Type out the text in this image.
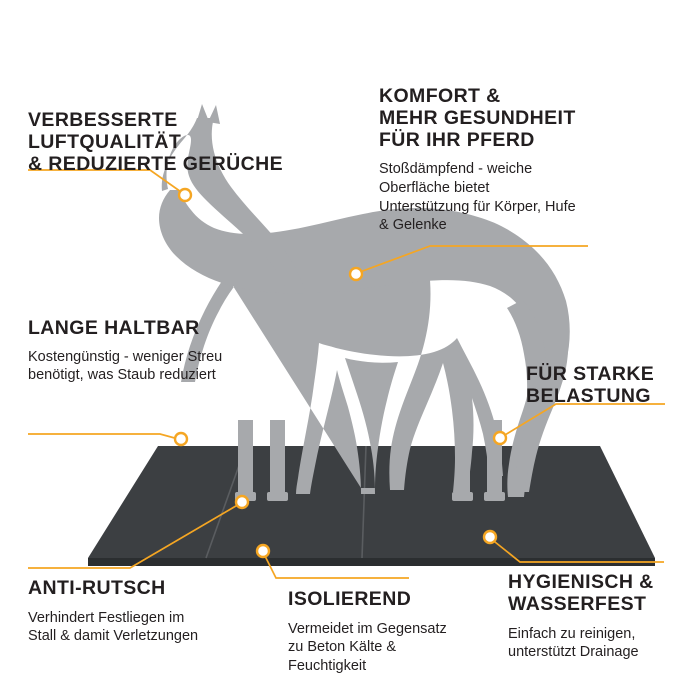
VERBESSERTE LUFTQUALITÄT
& REDUZIERTE GERÜCHE
KOMFORT &
MEHR GESUNDHEIT
FÜR IHR PFERD
Stoßdämpfend - weiche Oberfläche bietet Unterstützung für Körper, Hufe & Gelenke
LANGE HALTBAR
Kostengünstig - weniger Streu benötigt, was Staub reduziert	FÜR STARKE
BELASTUNG
ANTI-RUTSCH
Verhindert Festliegen im Stall & damit Verletzungen
ISOLIEREND
Vermeidet im Gegensatz zu Beton Kälte & Feuchtigkeit
HYGIENISCH &
WASSERFEST
Einfach zu reinigen, unterstützt Drainage
